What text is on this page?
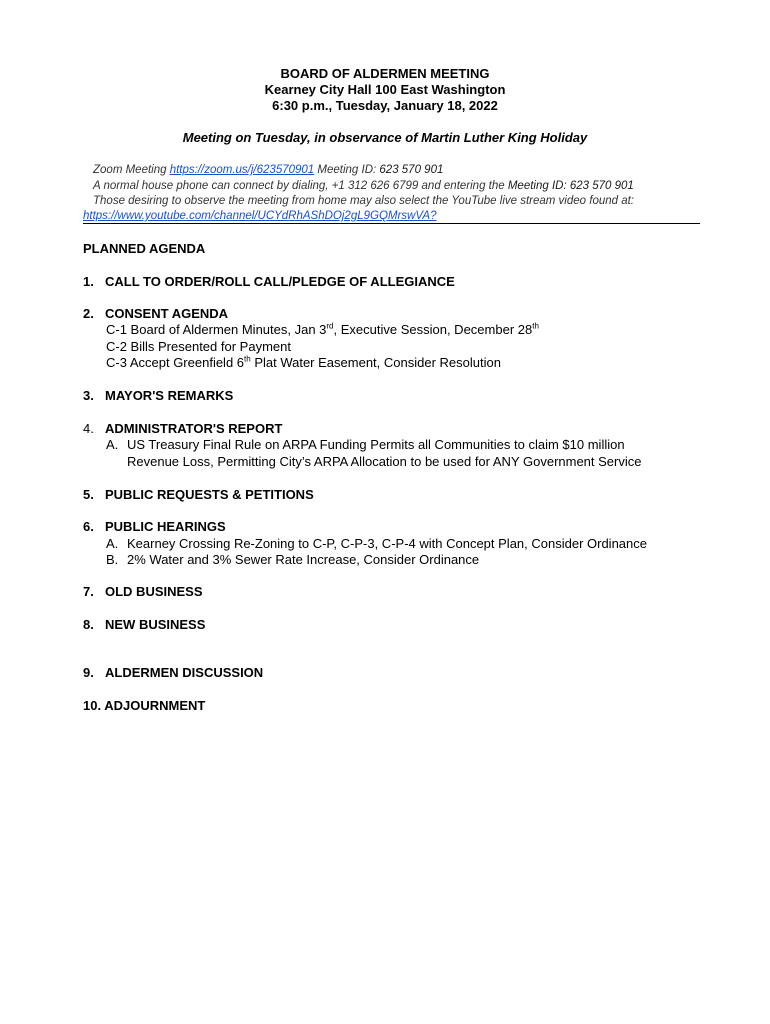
BOARD OF ALDERMEN MEETING
Kearney City Hall 100 East Washington
6:30 p.m., Tuesday, January 18, 2022
Meeting on Tuesday, in observance of Martin Luther King Holiday
Zoom Meeting https://zoom.us/j/623570901 Meeting ID: 623 570 901
A normal house phone can connect by dialing, +1 312 626 6799 and entering the Meeting ID: 623 570 901
Those desiring to observe the meeting from home may also select the YouTube live stream video found at:
https://www.youtube.com/channel/UCYdRhAShDOj2gL9GQMrswVA?
PLANNED AGENDA
1. CALL TO ORDER/ROLL CALL/PLEDGE OF ALLEGIANCE
2. CONSENT AGENDA
C-1 Board of Aldermen Minutes, Jan 3rd, Executive Session, December 28th
C-2 Bills Presented for Payment
C-3 Accept Greenfield 6th Plat Water Easement, Consider Resolution
3. MAYOR'S REMARKS
4. ADMINISTRATOR'S REPORT
A. US Treasury Final Rule on ARPA Funding Permits all Communities to claim $10 million
Revenue Loss, Permitting City’s ARPA Allocation to be used for ANY Government Service
5. PUBLIC REQUESTS & PETITIONS
6. PUBLIC HEARINGS
A. Kearney Crossing Re-Zoning to C-P, C-P-3, C-P-4 with Concept Plan, Consider Ordinance
B. 2% Water and 3% Sewer Rate Increase, Consider Ordinance
7. OLD BUSINESS
8. NEW BUSINESS
9. ALDERMEN DISCUSSION
10. ADJOURNMENT
